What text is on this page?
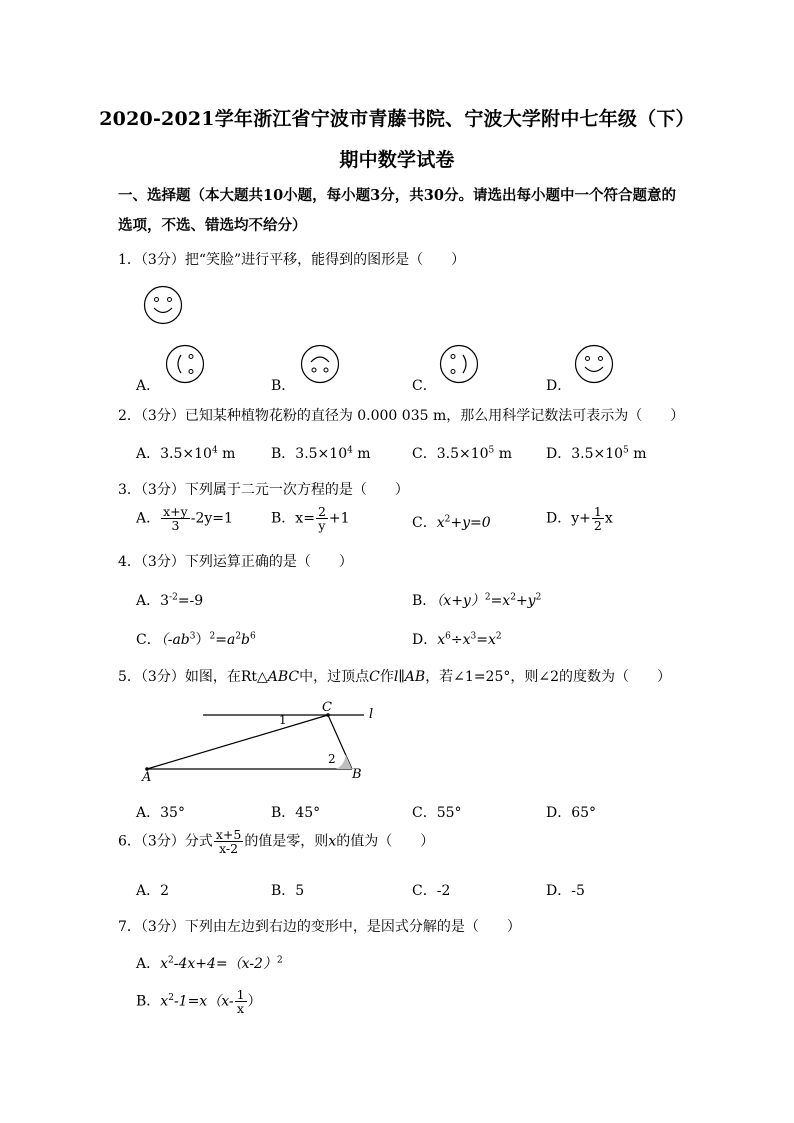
2020-2021学年浙江省宁波市青藤书院、宁波大学附中七年级（下）
期中数学试卷
一、选择题（本大题共10小题，每小题3分，共30分。请选出每小题中一个符合题意的
选项，不选、错选均不给分）
1．（3分）把“笑脸”进行平移，能得到的图形是（　　）
A．	B．	C．	D．
2．（3分）已知某种植物花粉的直径为 0.000 035 m，那么用科学记数法可表示为（　　）
A．$3.5\times 10^4$ m	B．$3.5\times 10^4$ m	C．$3.5\times 10^5$ m D．$3.5\times 10^5$ m
3．（3分）下列属于二元一次方程的是（　　）
A． $\frac{x+y}{3} -2y=1$	B．$x= \frac{2}{y} +1$	C．$x^2+y=0$	D．$y+ \frac{1}{2}$ x
4．（3分）下列运算正确的是（　　）
A．$3^{-2}=-9$	B．$(x+y)^2=x^2+y^2$
C．$(-ab^3)^2=a^2b^6$	D．$x^6\div x^3=x^2$
5．（3分）如图，在Rt△ABC中，过顶点C作l∥AB，若∠1=25°，则∠2的度数为（　　）
C	l
1
2
A	B
A．35°	B．45°	C．55°	D．65°
6．（3分）分式 $\frac{x+5}{x-2}$ 的值是零，则x的值为（　　）
A．2	B．5	C．-2	D．-5
7．（3分）下列由左边到右边的变形中，是因式分解的是（　　）
A．$x^2-4x+4=(x-2)^2$
B．$x^2-1=x(x- \frac{1}{x}$ ）
